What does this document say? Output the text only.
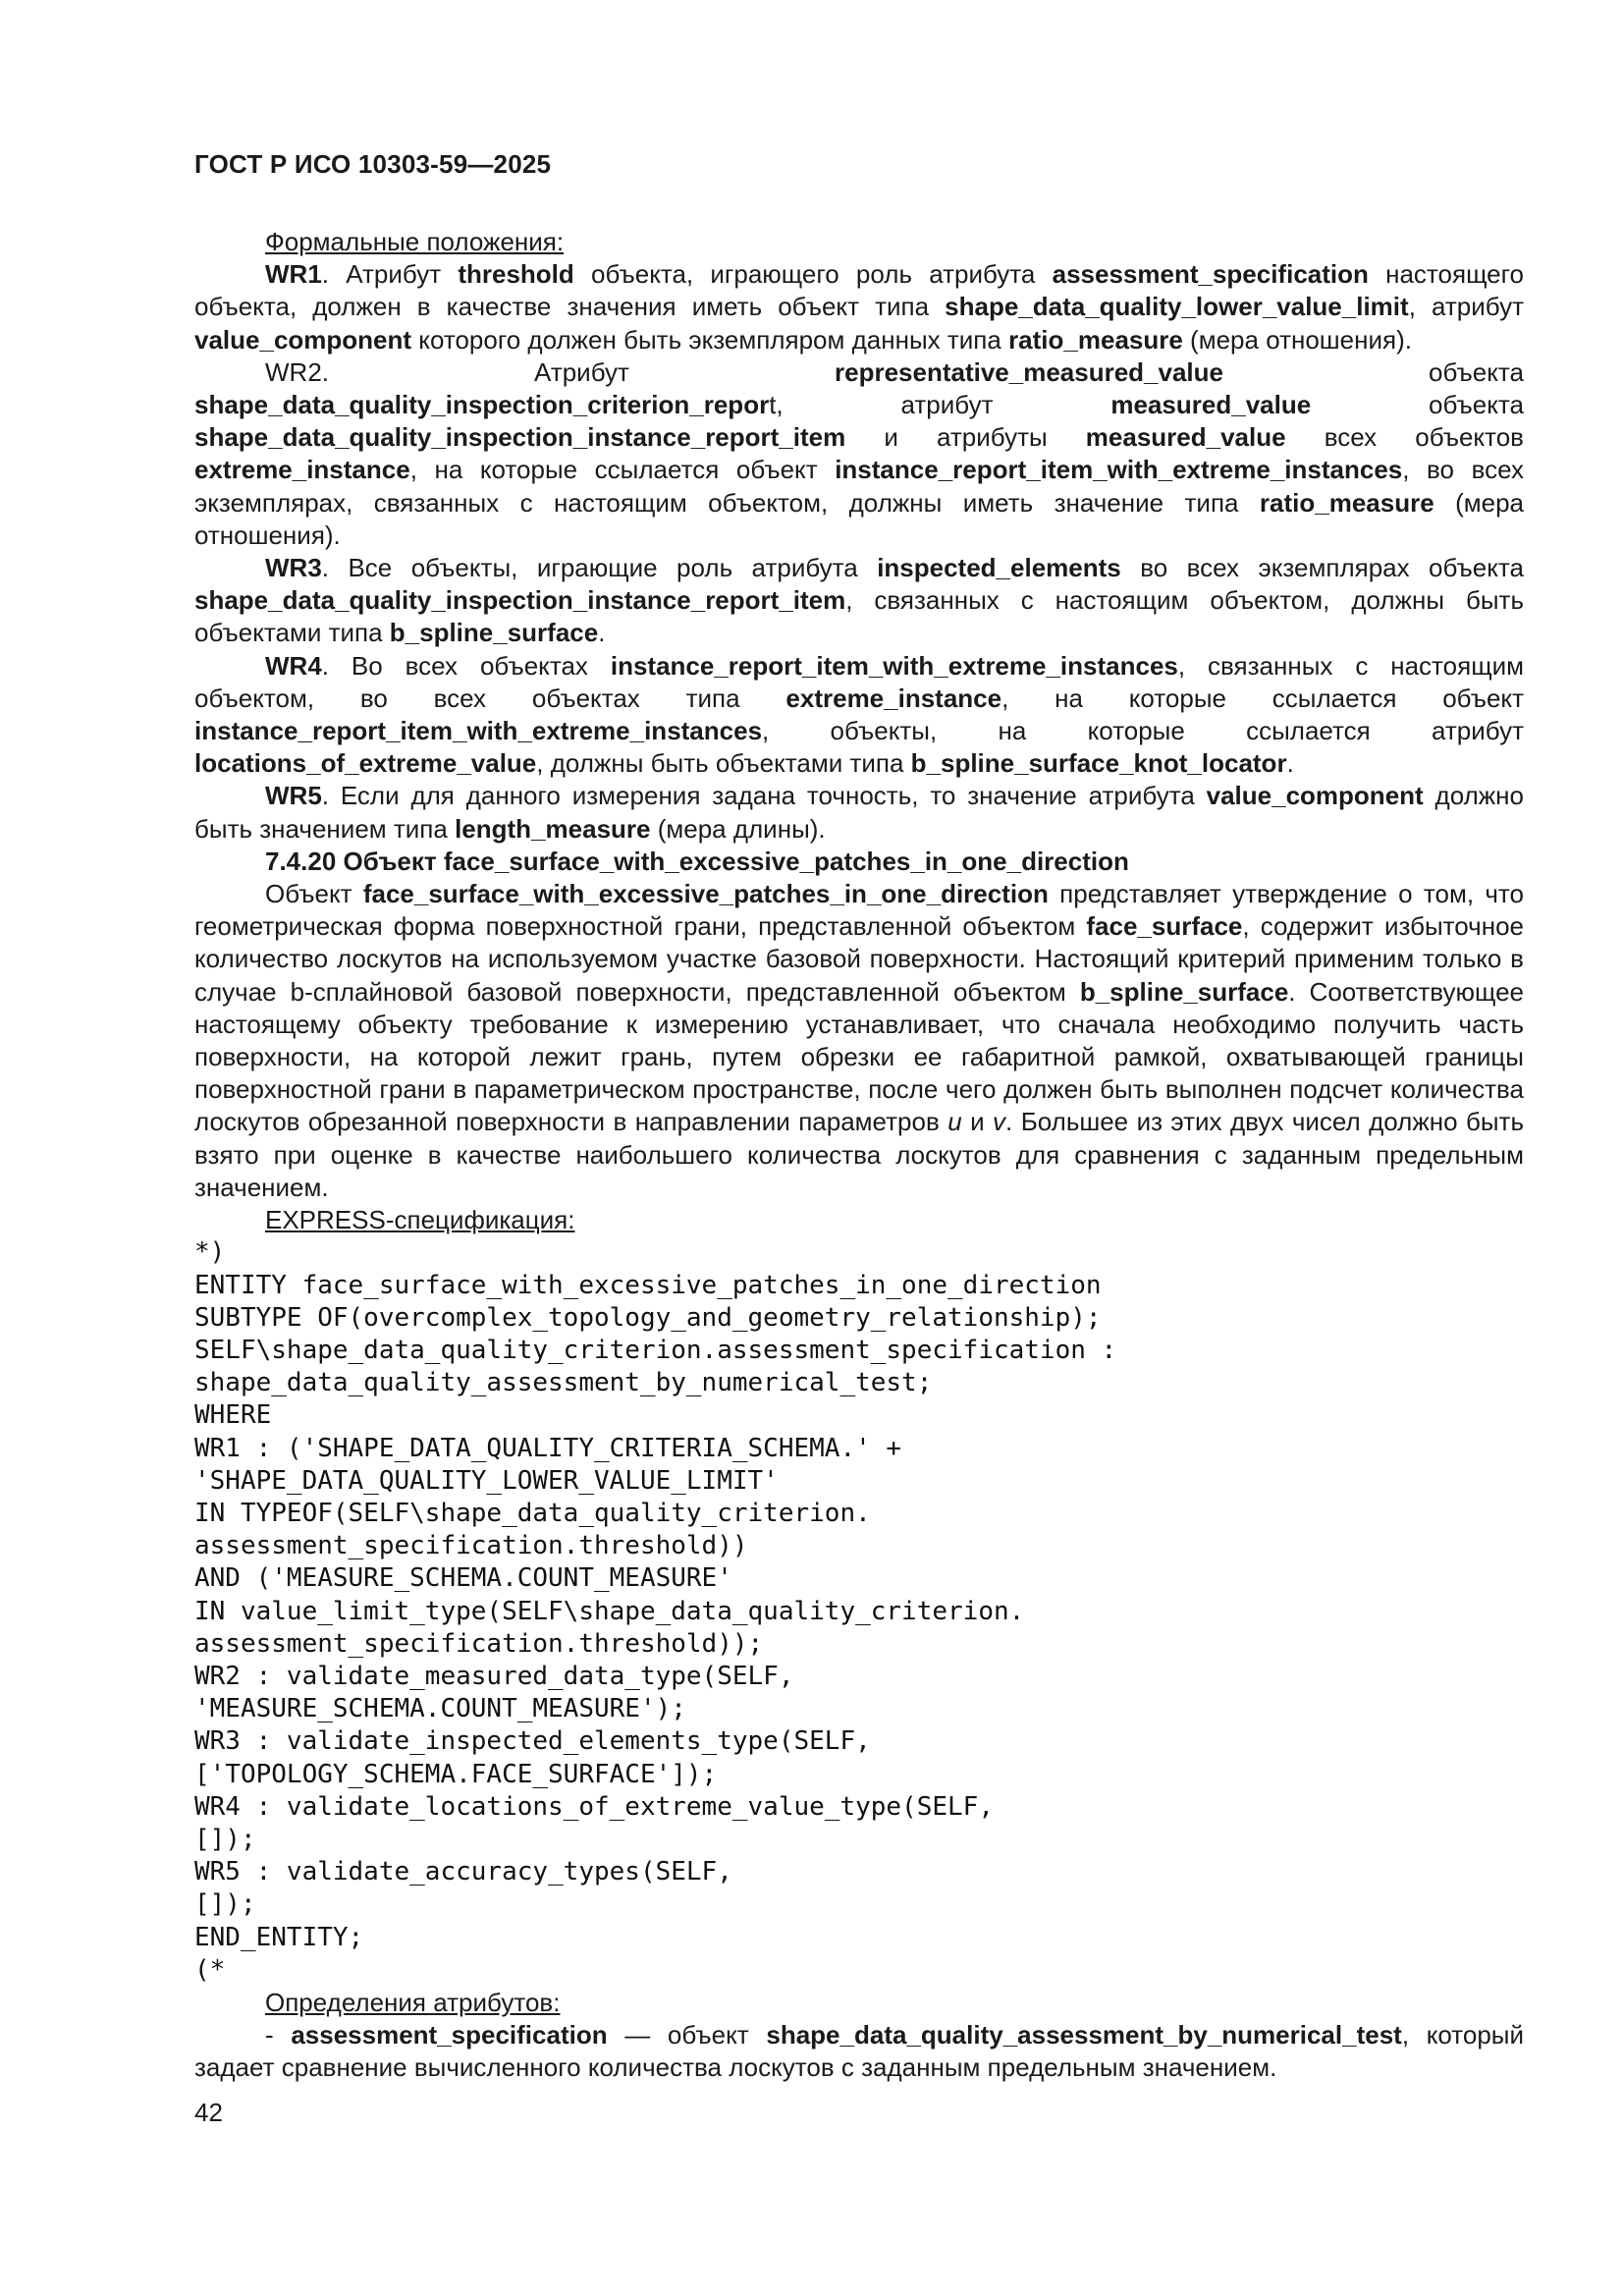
ГОСТ Р ИСО 10303-59—2025

Формальные положения:

WR1. Атрибут threshold объекта, играющего роль атрибута assessment_specification настоящего объекта, должен в качестве значения иметь объект типа shape_data_quality_lower_value_limit, атрибут value_component которого должен быть экземпляром данных типа ratio_measure (мера отношения).

WR2. Атрибут representative_measured_value объекта shape_data_quality_inspection_criterion_report, атрибут measured_value объекта shape_data_quality_inspection_instance_report_item и атрибуты measured_value всех объектов extreme_instance, на которые ссылается объект instance_report_item_with_extreme_instances, во всех экземплярах, связанных с настоящим объектом, должны иметь значение типа ratio_measure (мера отношения).

WR3. Все объекты, играющие роль атрибута inspected_elements во всех экземплярах объекта shape_data_quality_inspection_instance_report_item, связанных с настоящим объектом, должны быть объектами типа b_spline_surface.

WR4. Во всех объектах instance_report_item_with_extreme_instances, связанных с настоящим объектом, во всех объектах типа extreme_instance, на которые ссылается объект instance_report_item_with_extreme_instances, объекты, на которые ссылается атрибут locations_of_extreme_value, должны быть объектами типа b_spline_surface_knot_locator.

WR5. Если для данного измерения задана точность, то значение атрибута value_component должно быть значением типа length_measure (мера длины).

7.4.20 Объект face_surface_with_excessive_patches_in_one_direction

Объект face_surface_with_excessive_patches_in_one_direction представляет утверждение о том, что геометрическая форма поверхностной грани, представленной объектом face_surface, содержит избыточное количество лоскутов на используемом участке базовой поверхности. Настоящий критерий применим только в случае b-сплайновой базовой поверхности, представленной объектом b_spline_surface. Соответствующее настоящему объекту требование к измерению устанавливает, что сначала необходимо получить часть поверхности, на которой лежит грань, путем обрезки ее габаритной рамкой, охватывающей границы поверхностной грани в параметрическом пространстве, после чего должен быть выполнен подсчет количества лоскутов обрезанной поверхности в направлении параметров u и v. Большее из этих двух чисел должно быть взято при оценке в качестве наибольшего количества лоскутов для сравнения с заданным предельным значением.

EXPRESS-спецификация:

*)
ENTITY face_surface_with_excessive_patches_in_one_direction
SUBTYPE OF(overcomplex_topology_and_geometry_relationship);
SELF\shape_data_quality_criterion.assessment_specification :
shape_data_quality_assessment_by_numerical_test;
WHERE
WR1 : ('SHAPE_DATA_QUALITY_CRITERIA_SCHEMA.' +
'SHAPE_DATA_QUALITY_LOWER_VALUE_LIMIT'
IN TYPEOF(SELF\shape_data_quality_criterion.
assessment_specification.threshold))
AND ('MEASURE_SCHEMA.COUNT_MEASURE'
IN value_limit_type(SELF\shape_data_quality_criterion.
assessment_specification.threshold));
WR2 : validate_measured_data_type(SELF,
'MEASURE_SCHEMA.COUNT_MEASURE');
WR3 : validate_inspected_elements_type(SELF,
['TOPOLOGY_SCHEMA.FACE_SURFACE']);
WR4 : validate_locations_of_extreme_value_type(SELF,
[]);
WR5 : validate_accuracy_types(SELF,
[]);
END_ENTITY;
(*

Определения атрибутов:

- assessment_specification — объект shape_data_quality_assessment_by_numerical_test, который задает сравнение вычисленного количества лоскутов с заданным предельным значением.

42
